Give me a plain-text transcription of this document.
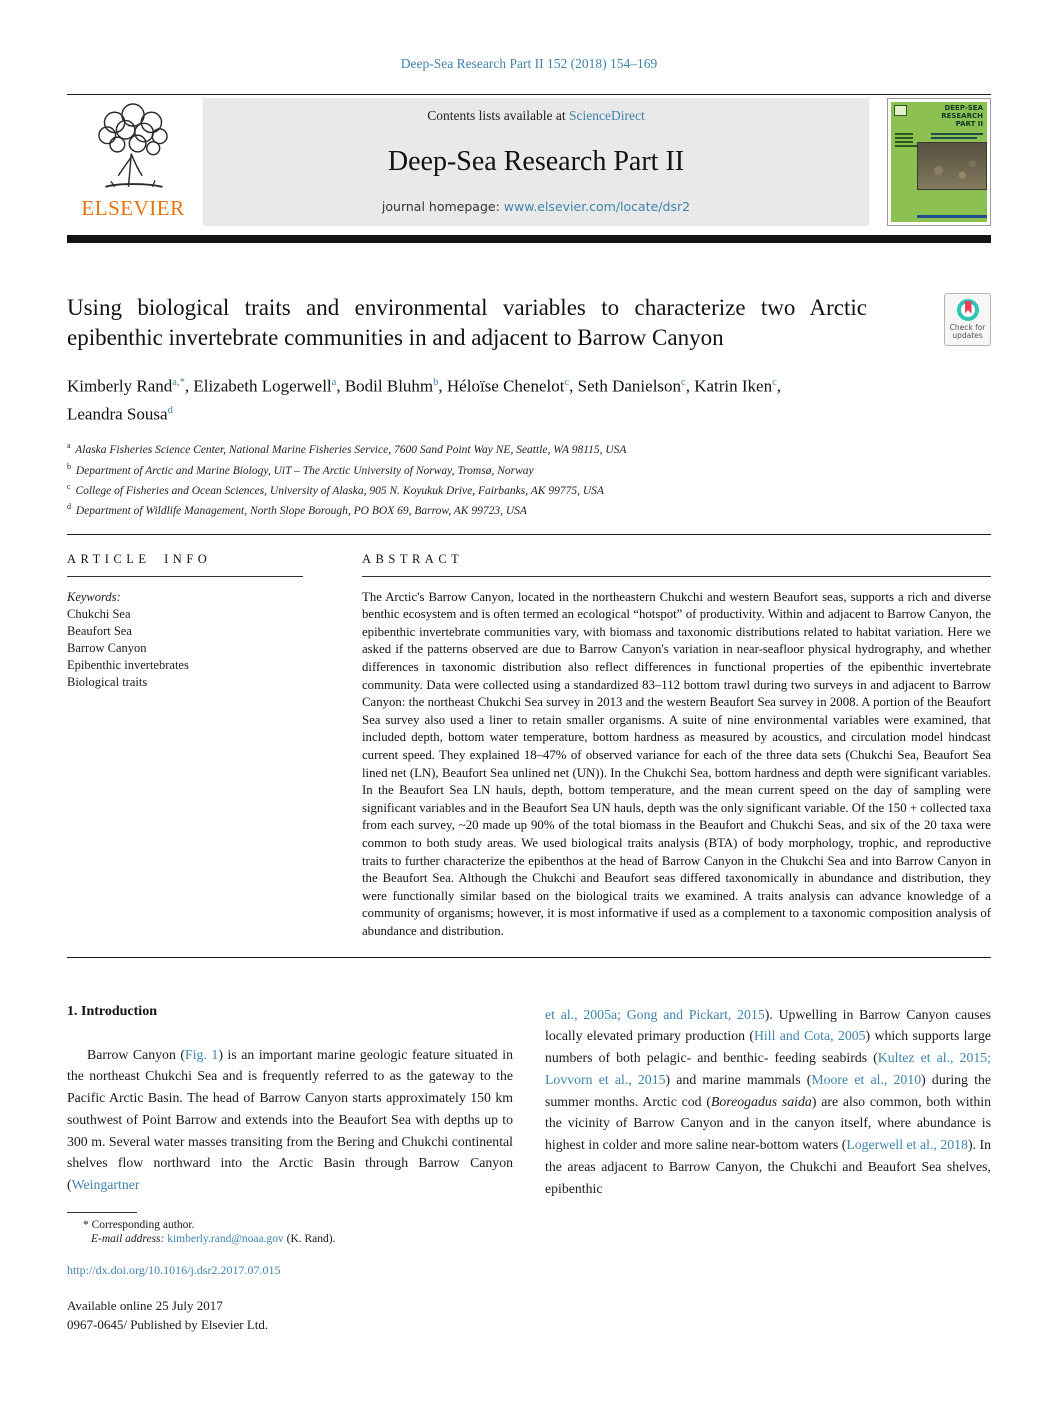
Deep-Sea Research Part II 152 (2018) 154–169
ELSEVIER
Contents lists available at ScienceDirect
Deep-Sea Research Part II
journal homepage: www.elsevier.com/locate/dsr2
DEEP-SEA RESEARCH
PART II
Using biological traits and environmental variables to characterize two Arctic epibenthic invertebrate communities in and adjacent to Barrow Canyon	Check for
updates
Kimberly Rand$^{a,*}$, Elizabeth Logerwell$^a$, Bodil Bluhm$^b$, Héloïse Chenelot$^c$, Seth Danielson$^c$, Katrin Iken$^c$, Leandra Sousa$^d$
$^a$ Alaska Fisheries Science Center, National Marine Fisheries Service, 7600 Sand Point Way NE, Seattle, WA 98115, USA
$^b$ Department of Arctic and Marine Biology, UiT – The Arctic University of Norway, Tromsø, Norway
$^c$ College of Fisheries and Ocean Sciences, University of Alaska, 905 N. Koyukuk Drive, Fairbanks, AK 99775, USA
$^d$ Department of Wildlife Management, North Slope Borough, PO BOX 69, Barrow, AK 99723, USA
ARTICLE INFO
Keywords:
Chukchi Sea
Beaufort Sea
Barrow Canyon
Epibenthic invertebrates
Biological traits
ABSTRACT
The Arctic's Barrow Canyon, located in the northeastern Chukchi and western Beaufort seas, supports a rich and diverse benthic ecosystem and is often termed an ecological “hotspot” of productivity. Within and adjacent to Barrow Canyon, the epibenthic invertebrate communities vary, with biomass and taxonomic distributions related to habitat variation. Here we asked if the patterns observed are due to Barrow Canyon's variation in near-seafloor physical hydrography, and whether differences in taxonomic distribution also reflect differences in functional properties of the epibenthic invertebrate community. Data were collected using a standardized 83–112 bottom trawl during two surveys in and adjacent to Barrow Canyon: the northeast Chukchi Sea survey in 2013 and the western Beaufort Sea survey in 2008. A portion of the Beaufort Sea survey also used a liner to retain smaller organisms. A suite of nine environmental variables were examined, that included depth, bottom water temperature, bottom hardness as measured by acoustics, and circulation model hindcast current speed. They explained 18–47% of observed variance for each of the three data sets (Chukchi Sea, Beaufort Sea lined net (LN), Beaufort Sea unlined net (UN)). In the Chukchi Sea, bottom hardness and depth were significant variables. In the Beaufort Sea LN hauls, depth, bottom temperature, and the mean current speed on the day of sampling were significant variables and in the Beaufort Sea UN hauls, depth was the only significant variable. Of the 150 + collected taxa from each survey, ~20 made up 90% of the total biomass in the Beaufort and Chukchi Seas, and six of the 20 taxa were common to both study areas. We used biological traits analysis (BTA) of body morphology, trophic, and reproductive traits to further characterize the epibenthos at the head of Barrow Canyon in the Chukchi Sea and into Barrow Canyon in the Beaufort Sea. Although the Chukchi and Beaufort seas differed taxonomically in abundance and distribution, they were functionally similar based on the biological traits we examined. A traits analysis can advance knowledge of a community of organisms; however, it is most informative if used as a complement to a taxonomic composition analysis of abundance and distribution.
1. Introduction
Barrow Canyon (Fig. 1) is an important marine geologic feature situated in the northeast Chukchi Sea and is frequently referred to as the gateway to the Pacific Arctic Basin. The head of Barrow Canyon starts approximately 150 km southwest of Point Barrow and extends into the Beaufort Sea with depths up to 300 m. Several water masses transiting from the Bering and Chukchi continental shelves flow northward into the Arctic Basin through Barrow Canyon (Weingartner
et al., 2005a; Gong and Pickart, 2015). Upwelling in Barrow Canyon causes locally elevated primary production (Hill and Cota, 2005) which supports large numbers of both pelagic- and benthic- feeding seabirds (Kultez et al., 2015; Lovvorn et al., 2015) and marine mammals (Moore et al., 2010) during the summer months. Arctic cod (Boreogadus saida) are also common, both within the vicinity of Barrow Canyon and in the canyon itself, where abundance is highest in colder and more saline near-bottom waters (Logerwell et al., 2018). In the areas adjacent to Barrow Canyon, the Chukchi and Beaufort Sea shelves, epibenthic
* Corresponding author.
E-mail address: kimberly.rand@noaa.gov (K. Rand).
http://dx.doi.org/10.1016/j.dsr2.2017.07.015
Available online 25 July 2017
0967-0645/ Published by Elsevier Ltd.
